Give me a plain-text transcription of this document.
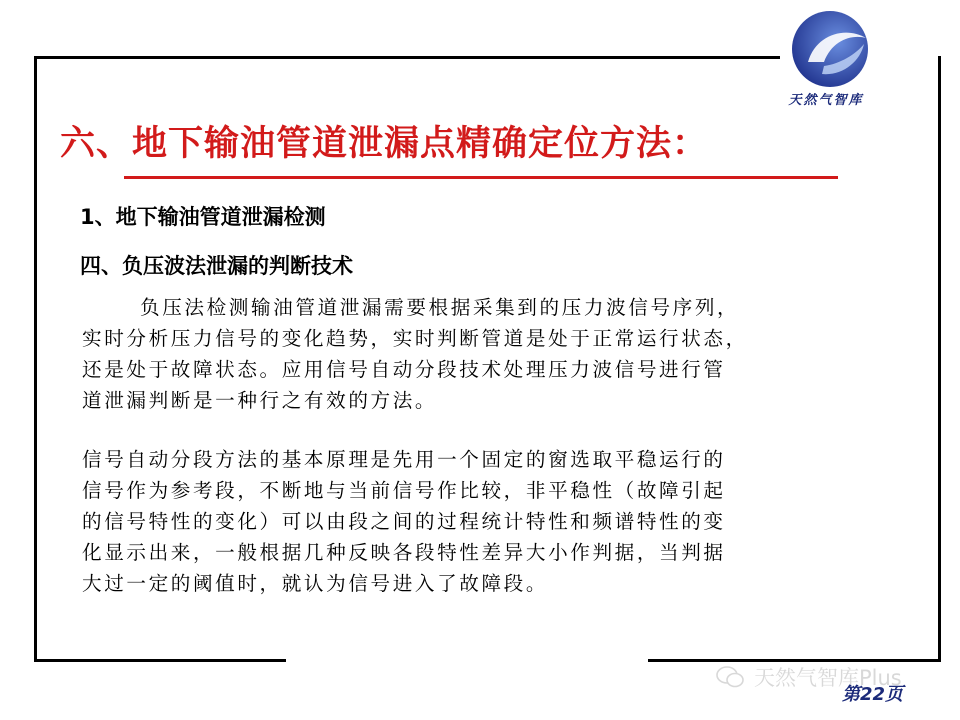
天然气智库
六、地下输油管道泄漏点精确定位方法：
1、地下输油管道泄漏检测
四、负压波法泄漏的判断技术
负压法检测输油管道泄漏需要根据采集到的压力波信号序列，
实时分析压力信号的变化趋势，实时判断管道是处于正常运行状态，
还是处于故障状态。应用信号自动分段技术处理压力波信号进行管
道泄漏判断是一种行之有效的方法。
信号自动分段方法的基本原理是先用一个固定的窗选取平稳运行的
信号作为参考段，不断地与当前信号作比较，非平稳性（故障引起
的信号特性的变化）可以由段之间的过程统计特性和频谱特性的变
化显示出来，一般根据几种反映各段特性差异大小作判据，当判据
大过一定的阈值时，就认为信号进入了故障段。
天然气智库Plus
第22页
